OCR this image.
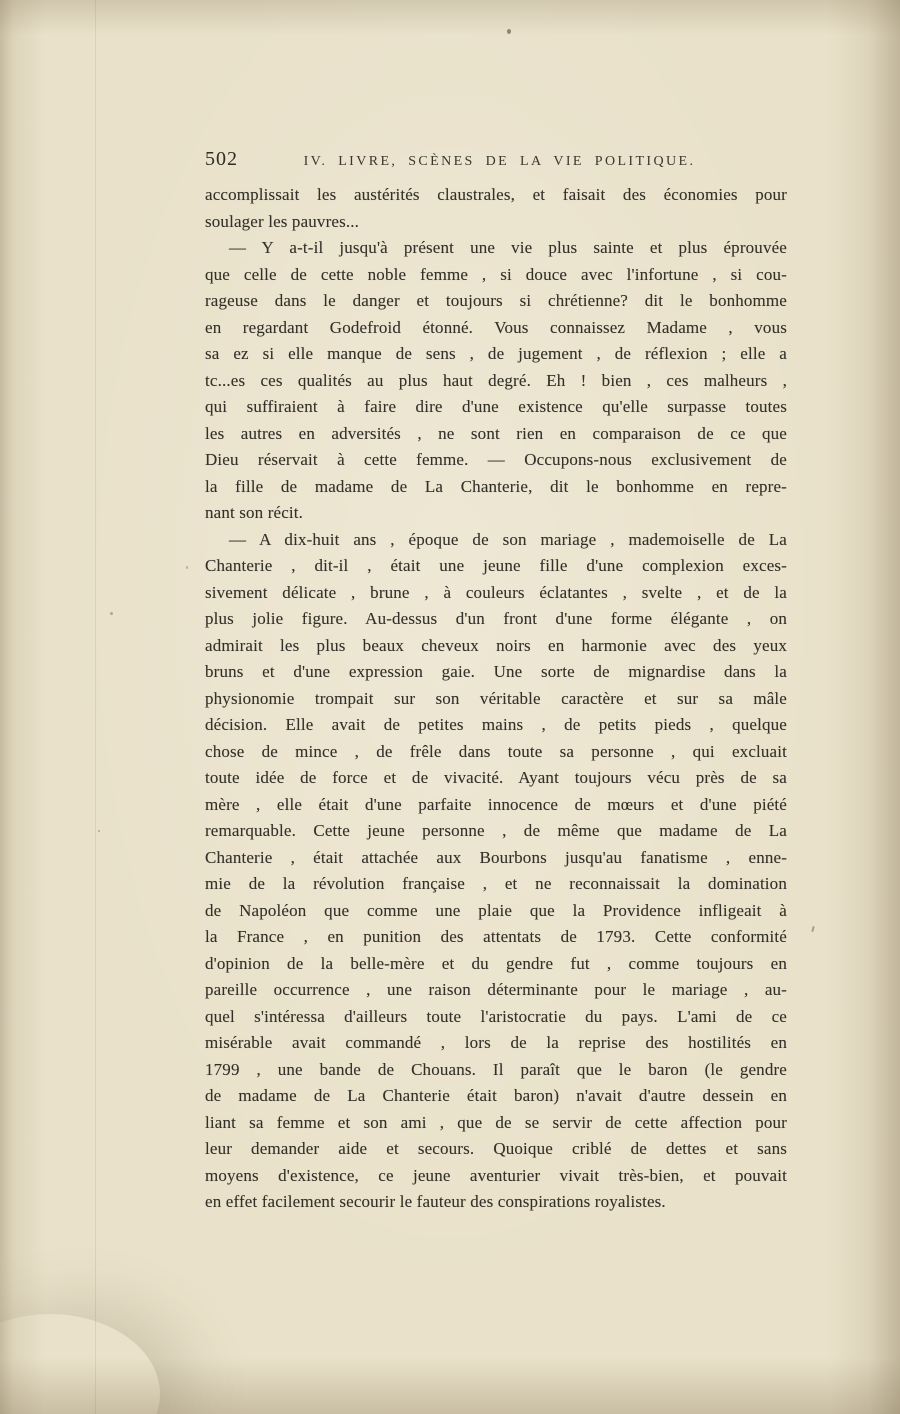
502	IV. LIVRE, SCÈNES DE LA VIE POLITIQUE.
accomplissait les austérités claustrales, et faisait des économies pour
soulager les pauvres...
— Y a-t-il jusqu'à présent une vie plus sainte et plus éprouvée
que celle de cette noble femme , si douce avec l'infortune , si cou-
rageuse dans le danger et toujours si chrétienne? dit le bonhomme
en regardant Godefroid étonné. Vous connaissez Madame , vous
sa ez si elle manque de sens , de jugement , de réflexion ; elle a
tc...es ces qualités au plus haut degré. Eh ! bien , ces malheurs ,
qui suffiraient à faire dire d'une existence qu'elle surpasse toutes
les autres en adversités , ne sont rien en comparaison de ce que
Dieu réservait à cette femme. — Occupons-nous exclusivement de
la fille de madame de La Chanterie, dit le bonhomme en repre-
nant son récit.
— A dix-huit ans , époque de son mariage , mademoiselle de La
Chanterie , dit-il , était une jeune fille d'une complexion exces-
sivement délicate , brune , à couleurs éclatantes , svelte , et de la
plus jolie figure. Au-dessus d'un front d'une forme élégante , on
admirait les plus beaux cheveux noirs en harmonie avec des yeux
bruns et d'une expression gaie. Une sorte de mignardise dans la
physionomie trompait sur son véritable caractère et sur sa mâle
décision. Elle avait de petites mains , de petits pieds , quelque
chose de mince , de frêle dans toute sa personne , qui excluait
toute idée de force et de vivacité. Ayant toujours vécu près de sa
mère , elle était d'une parfaite innocence de mœurs et d'une piété
remarquable. Cette jeune personne , de même que madame de La
Chanterie , était attachée aux Bourbons jusqu'au fanatisme , enne-
mie de la révolution française , et ne reconnaissait la domination
de Napoléon que comme une plaie que la Providence infligeait à
la France , en punition des attentats de 1793. Cette conformité
d'opinion de la belle-mère et du gendre fut , comme toujours en
pareille occurrence , une raison déterminante pour le mariage , au-
quel s'intéressa d'ailleurs toute l'aristocratie du pays. L'ami de ce
misérable avait commandé , lors de la reprise des hostilités en
1799 , une bande de Chouans. Il paraît que le baron (le gendre
de madame de La Chanterie était baron) n'avait d'autre dessein en
liant sa femme et son ami , que de se servir de cette affection pour
leur demander aide et secours. Quoique criblé de dettes et sans
moyens d'existence, ce jeune aventurier vivait très-bien, et pouvait
en effet facilement secourir le fauteur des conspirations royalistes.
